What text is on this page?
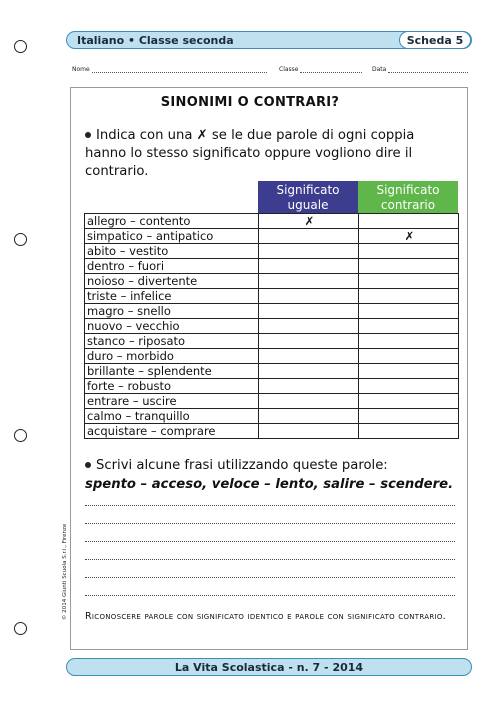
Italiano • Classe seconda	Scheda 5
Nome	Classe	Data
SINONIMI O CONTRARI?
Indica con una ✗ se le due parole di ogni coppia hanno lo stesso significato oppure vogliono dire il contrario.
Significato uguale
Significato contrario
allegro – contento	✗	
simpatico – antipatico		✗
abito – vestito		
dentro – fuori		
noioso – divertente		
triste – infelice		
magro – snello		
nuovo – vecchio		
stanco – riposato		
duro – morbido		
brillante – splendente		
forte – robusto		
entrare – uscire		
calmo – tranquillo		
acquistare – comprare		
Scrivi alcune frasi utilizzando queste parole:
spento – acceso, veloce – lento, salire – scendere.
Riconoscere parole con significato identico e parole con significato contrario.
© 2014 Giunti Scuola S.r.l., Firenze
La Vita Scolastica - n. 7 - 2014
